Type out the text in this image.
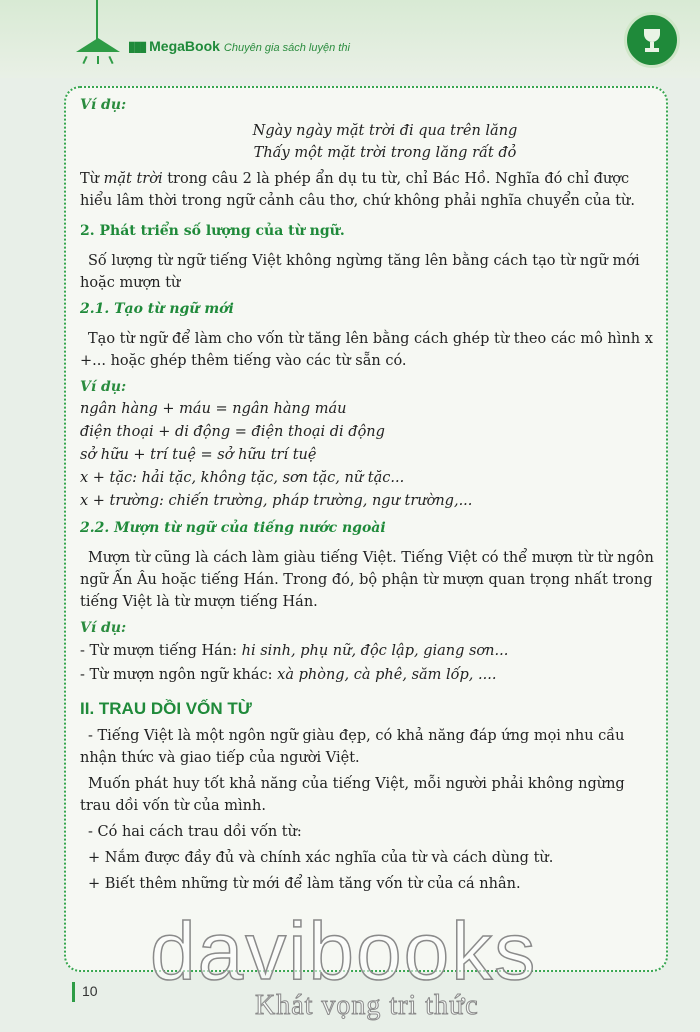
▮▮▮ MegaBook Chuyên gia sách luyện thi

Ví dụ:

Ngày ngày mặt trời đi qua trên lăng

Thấy một mặt trời trong lăng rất đỏ

Từ mặt trời trong câu 2 là phép ẩn dụ tu từ, chỉ Bác Hồ. Nghĩa đó chỉ được hiểu lâm thời trong ngữ cảnh câu thơ, chứ không phải nghĩa chuyển của từ.

2. Phát triển số lượng của từ ngữ.

Số lượng từ ngữ tiếng Việt không ngừng tăng lên bằng cách tạo từ ngữ mới hoặc mượn từ

2.1. Tạo từ ngữ mới

Tạo từ ngữ để làm cho vốn từ tăng lên bằng cách ghép từ theo các mô hình x +... hoặc ghép thêm tiếng vào các từ sẵn có.

Ví dụ:

ngân hàng + máu = ngân hàng máu

điện thoại + di động = điện thoại di động

sở hữu + trí tuệ = sở hữu trí tuệ

x + tặc: hải tặc, không tặc, sơn tặc, nữ tặc...

x + trường: chiến trường, pháp trường, ngư trường,...

2.2. Mượn từ ngữ của tiếng nước ngoài

Mượn từ cũng là cách làm giàu tiếng Việt. Tiếng Việt có thể mượn từ từ ngôn ngữ Ấn Âu hoặc tiếng Hán. Trong đó, bộ phận từ mượn quan trọng nhất trong tiếng Việt là từ mượn tiếng Hán.

Ví dụ:

- Từ mượn tiếng Hán: hi sinh, phụ nữ, độc lập, giang sơn...

- Từ mượn ngôn ngữ khác: xà phòng, cà phê, săm lốp, ....

II. TRAU DỒI VỐN TỪ

- Tiếng Việt là một ngôn ngữ giàu đẹp, có khả năng đáp ứng mọi nhu cầu nhận thức và giao tiếp của người Việt.

Muốn phát huy tốt khả năng của tiếng Việt, mỗi người phải không ngừng trau dồi vốn từ của mình.

- Có hai cách trau dồi vốn từ:

+ Nắm được đầy đủ và chính xác nghĩa của từ và cách dùng từ.

+ Biết thêm những từ mới để làm tăng vốn từ của cá nhân.

davibooks
10	Khát vọng tri thức
